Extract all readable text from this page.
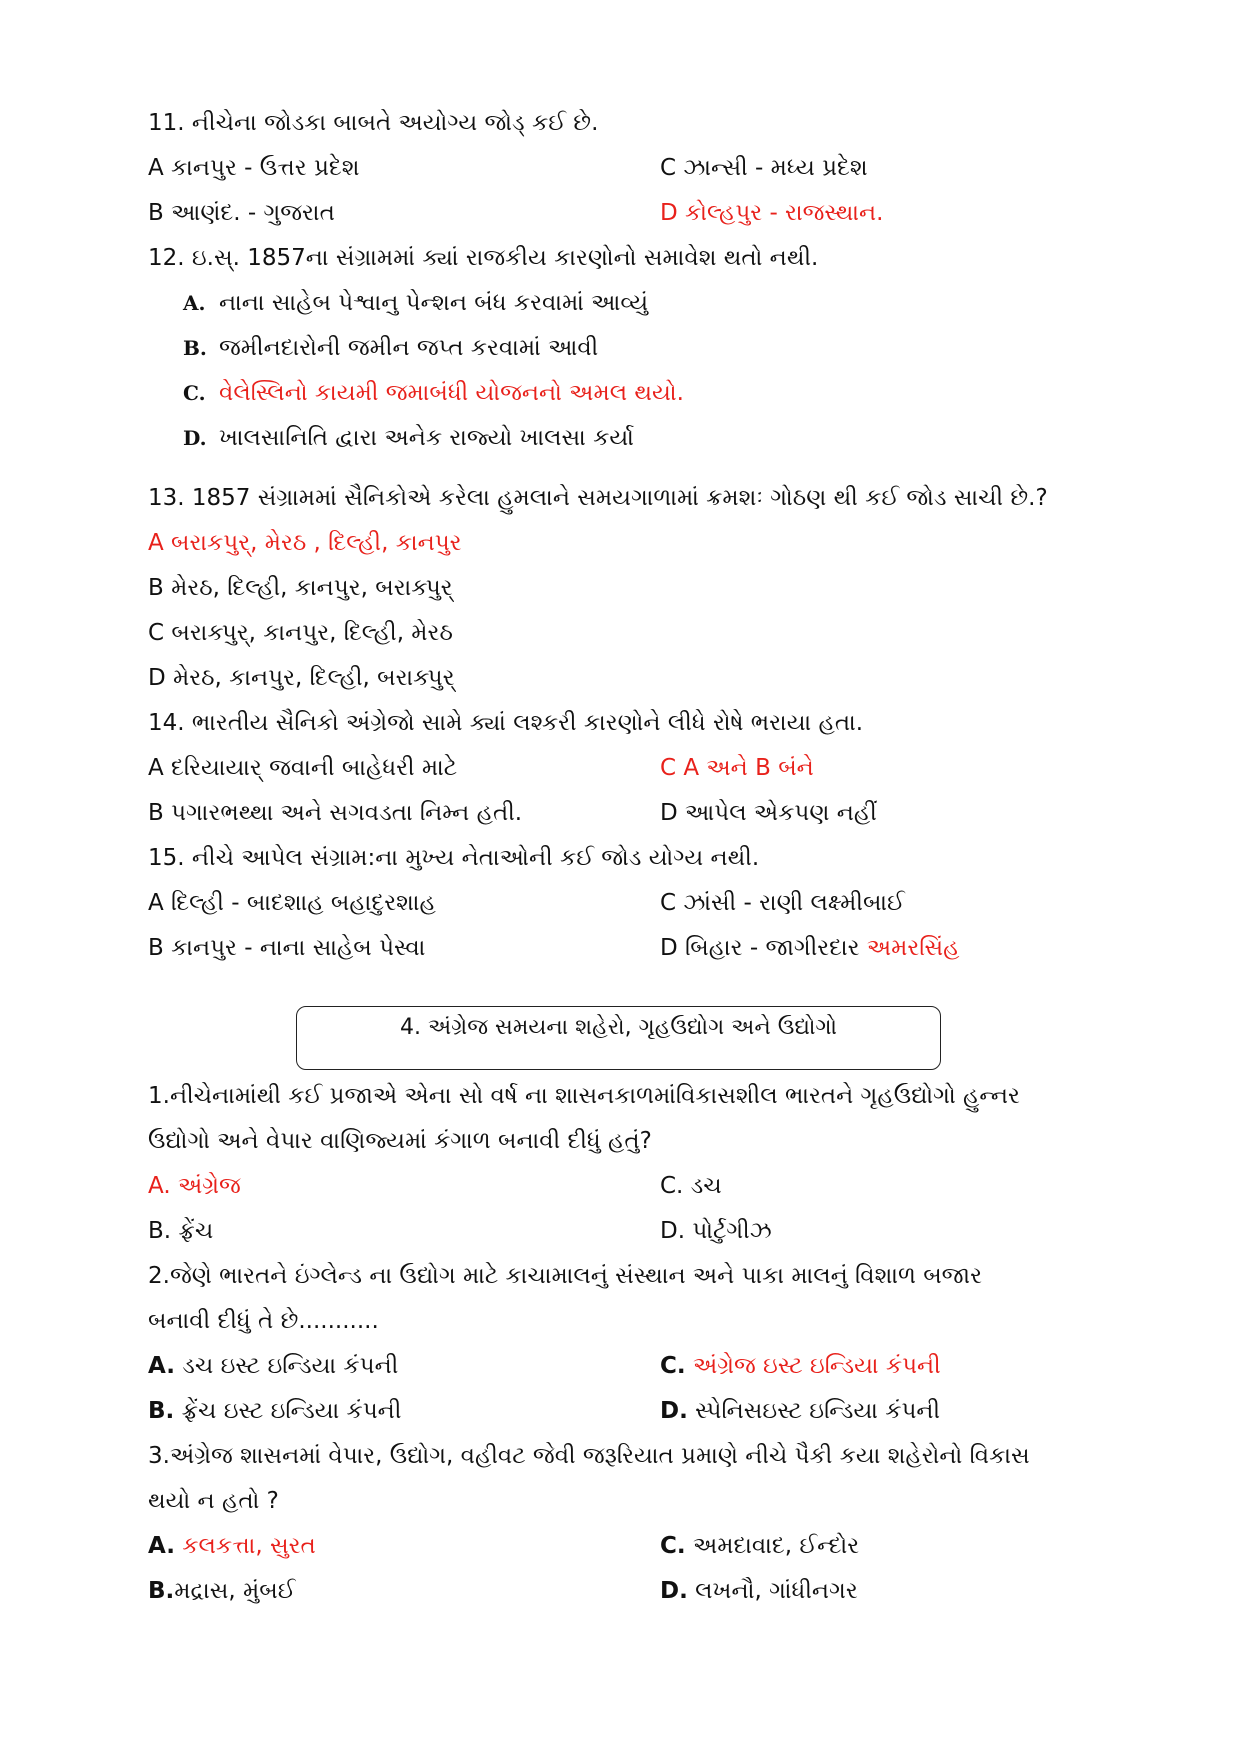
11. નીચેના જોડકા બાબતે અયોગ્ય જોડ્ કઈ છે.
A કાનપુર - ઉત્તર પ્રદેશ	C ઝાન્સી - મધ્ય પ્રદેશ
B આણંદ. - ગુજરાત	D કોલ્હપુર - રાજસ્થાન.
12. ઇ.સ્. 1857ના સંગ્રામમાં ક્યાં રાજકીય કારણોનો સમાવેશ થતો નથી.
A. નાના સાહેબ પેશ્વાનુ પેન્શન બંધ કરવામાં આવ્યું
B. જમીનદારોની જમીન જપ્ત કરવામાં આવી
C. વેલેસ્લિનો કાયમી જમાબંધી યોજનનો અમલ થયો.
D. ખાલસાનિતિ દ્વારા અનેક રાજ્યો ખાલસા કર્યા
13. 1857 સંગ્રામમાં સૈનિકોએ કરેલા હુમલાને સમયગાળામાં ક્રમશઃ ગોઠણ થી કઈ જોડ સાચી છે.?
A બરાકપુર્, મેરઠ , દિલ્હી, કાનપુર
B મેરઠ, દિલ્હી, કાનપુર, બરાક્પુર્
C બરાક્પુર્, કાનપુર, દિલ્હી, મેરઠ
D મેરઠ, કાનપુર, દિલ્હી, બરાક્પુર્
14. ભારતીય સૈનિકો અંગ્રેજો સામે ક્યાં લશ્કરી કારણોને લીધે રોષે ભરાયા હતા.
A દરિયાયાર્ જવાની બાહેધરી માટે	C A અને B બંને
B પગારભથ્થા અને સગવડતા નિમ્ન હતી.	D આપેલ એકપણ નહીં
15. નીચે આપેલ સંગ્રામ:ના મુખ્ય નેતાઓની કઈ જોડ યોગ્ય નથી.
A દિલ્હી - બાદશાહ બહાદુરશાહ	C ઝાંસી - રાણી લક્ષ્મીબાઈ
B કાનપુર - નાના સાહેબ પેસ્વા	D બિહાર - જાગીરદાર અમરસિંહ
4. અંગ્રેજ સમયના શહેરો, ગૃહઉદ્યોગ અને ઉદ્યોગો
1.નીચેનામાંથી કઈ પ્રજાએ એના સો વર્ષ ના શાસનકાળમાંવિકાસશીલ ભારતને ગૃહઉદ્યોગો હુન્નર
ઉદ્યોગો અને વેપાર વાણિજ્યમાં કંગાળ બનાવી દીધું હતું?
A. અંગ્રેજ	C. ડચ
B. ફ્રેંચ	D. પોર્ટુગીઝ
2.જેણે ભારતને ઇંગ્લેન્ડ ના ઉદ્યોગ માટે કાચામાલનું સંસ્થાન અને પાકા માલનું વિશાળ બજાર
બનાવી દીધું તે છે...........
A. ડચ ઇસ્ટ ઇન્ડિયા કંપની	C. અંગ્રેજ ઇસ્ટ ઇન્ડિયા કંપની
B. ફ્રેંચ ઇસ્ટ ઇન્ડિયા કંપની	D. સ્પેનિસઇસ્ટ ઇન્ડિયા કંપની
3.અંગ્રેજ શાસનમાં વેપાર, ઉદ્યોગ, વહીવટ જેવી જરૂરિયાત પ્રમાણે નીચે પૈકી કયા શહેરોનો વિકાસ
થયો ન હતો ?
A. કલકત્તા, સુરત	C. અમદાવાદ, ઈન્દોર
B.મદ્રાસ, મુંબઈ	D. લખનૌ, ગાંધીનગર
